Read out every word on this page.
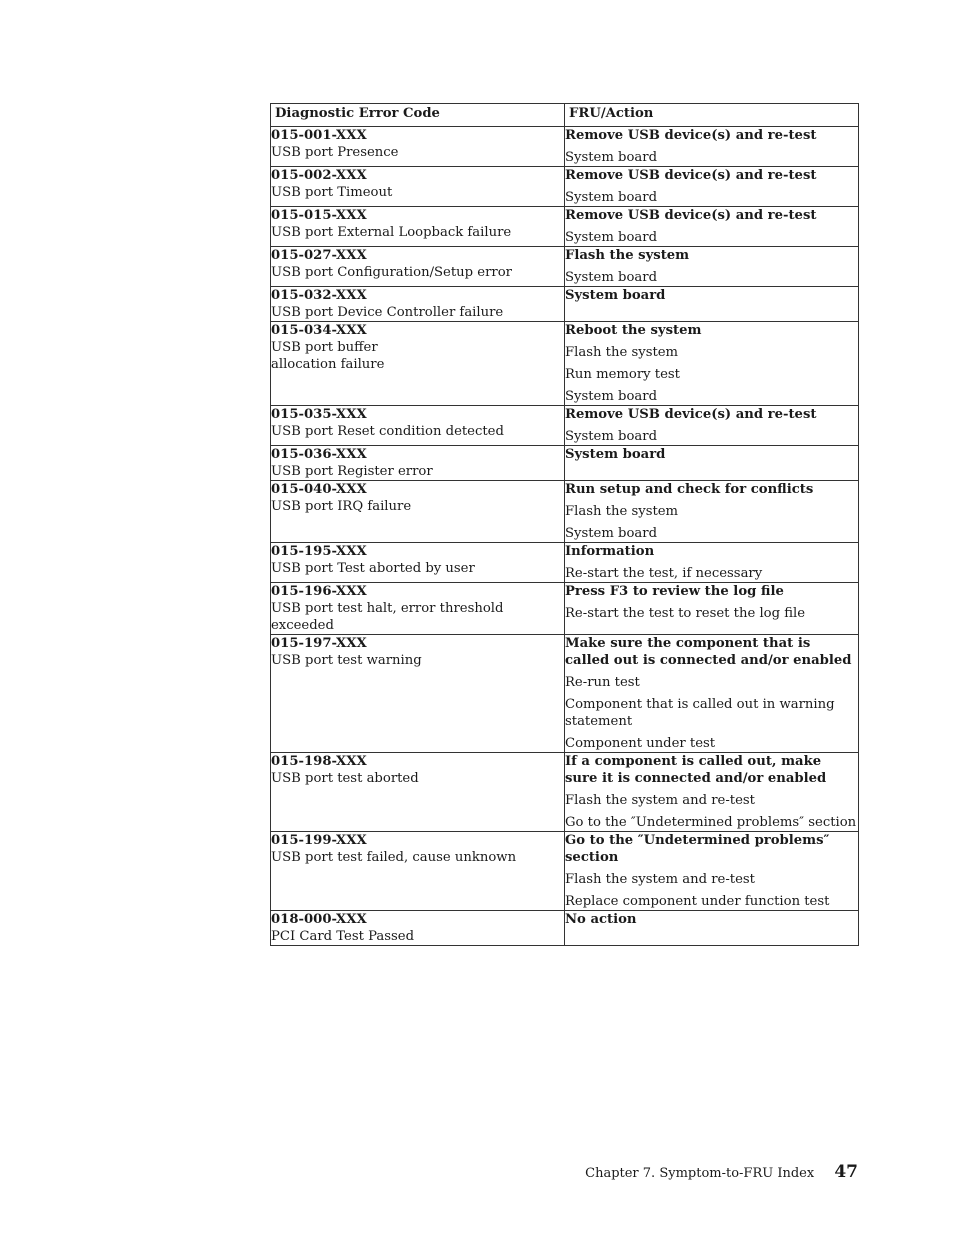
Diagnostic Error Code	FRU/Action

015-001-XXX
USB port Presence	Remove USB device(s) and re-test
System board

015-002-XXX
USB port Timeout	Remove USB device(s) and re-test
System board

015-015-XXX
USB port External Loopback failure	Remove USB device(s) and re-test
System board

015-027-XXX
USB port Configuration/Setup error	Flash the system
System board

015-032-XXX
USB port Device Controller failure	System board

015-034-XXX
USB port buffer
allocation failure	Reboot the system
Flash the system
Run memory test
System board

015-035-XXX
USB port Reset condition detected	Remove USB device(s) and re-test
System board

015-036-XXX
USB port Register error	System board

015-040-XXX
USB port IRQ failure	Run setup and check for conflicts
Flash the system
System board

015-195-XXX
USB port Test aborted by user	Information
Re-start the test, if necessary

015-196-XXX
USB port test halt, error threshold exceeded	Press F3 to review the log file
Re-start the test to reset the log file

015-197-XXX
USB port test warning	Make sure the component that is called out is connected and/or enabled
Re-run test
Component that is called out in warning statement
Component under test

015-198-XXX
USB port test aborted	If a component is called out, make sure it is connected and/or enabled
Flash the system and re-test
Go to the ″Undetermined problems″ section

015-199-XXX
USB port test failed, cause unknown	Go to the ″Undetermined problems″ section
Flash the system and re-test
Replace component under function test

018-000-XXX
PCI Card Test Passed	No action
Chapter 7. Symptom-to-FRU Index 47
